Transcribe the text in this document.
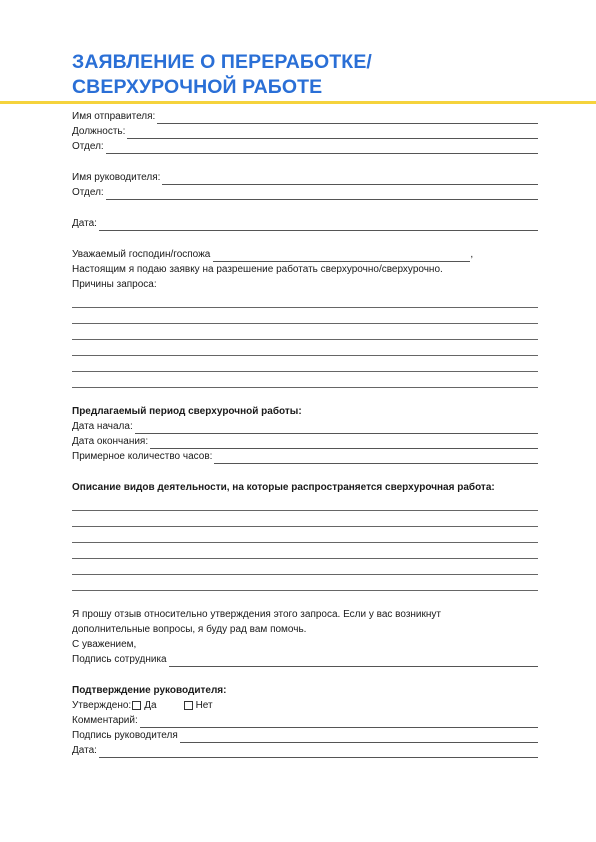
ЗАЯВЛЕНИЕ О ПЕРЕРАБОТКЕ/
СВЕРХУРОЧНОЙ РАБОТЕ
Имя отправителя:
Должность:
Отдел:
Имя руководителя:
Отдел:
Дата:
Уважаемый господин/госпожа	,
Настоящим я подаю заявку на разрешение работать сверхурочно/сверхурочно.
Причины запроса:
Предлагаемый период сверхурочной работы:
Дата начала:
Дата окончания:
Примерное количество часов:
Описание видов деятельности, на которые распространяется сверхурочная работа:
Я прошу отзыв относительно утверждения этого запроса. Если у вас возникнут
дополнительные вопросы, я буду рад вам помочь.
С уважением,
Подпись сотрудника
Подтверждение руководителя:
Утверждено: Да	Нет
Комментарий:
Подпись руководителя
Дата:
